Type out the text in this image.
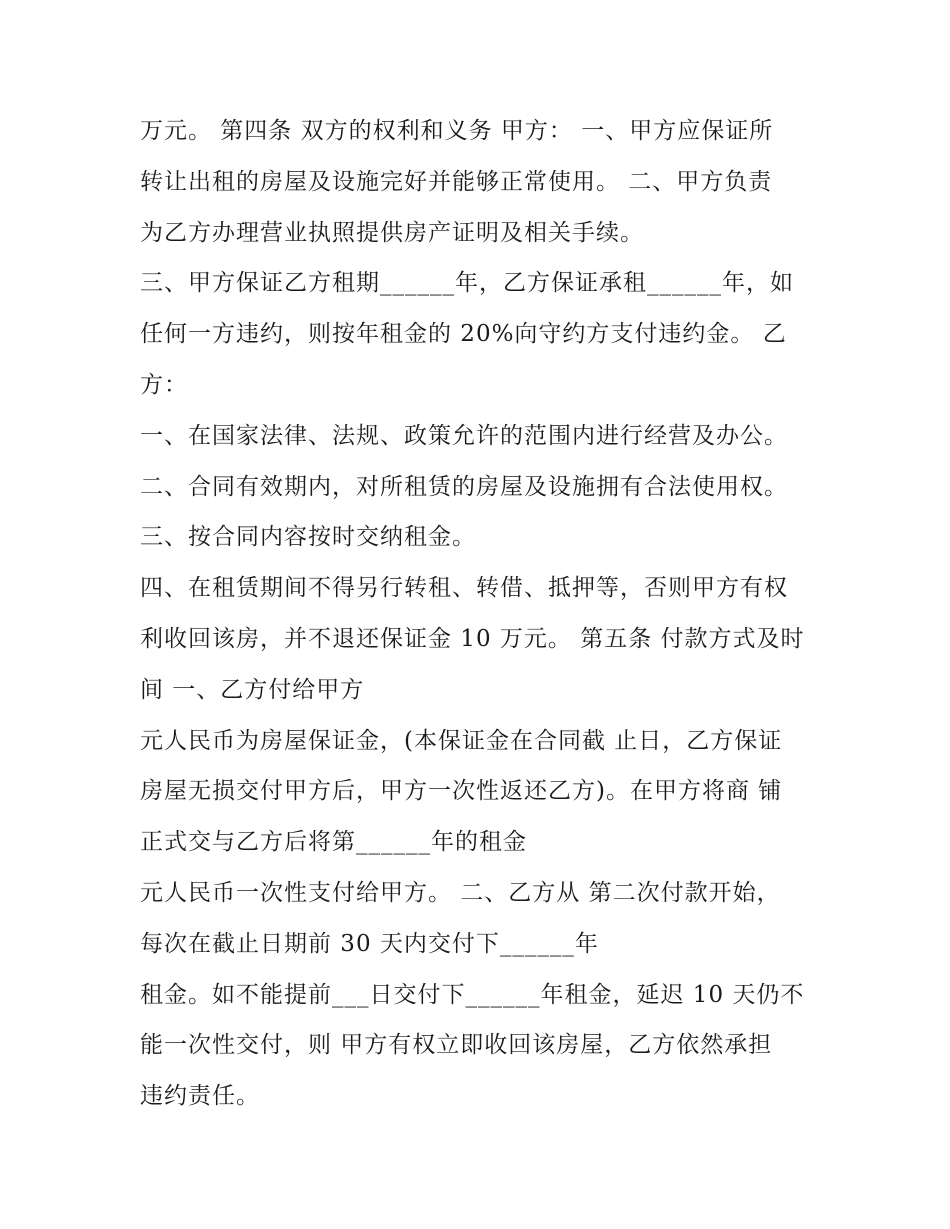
万元。 第四条 双方的权利和义务 甲方： 一、甲方应保证所
转让出租的房屋及设施完好并能够正常使用。 二、甲方负责
为乙方办理营业执照提供房产证明及相关手续。
三、甲方保证乙方租期______年，乙方保证承租______年，如
任何一方违约，则按年租金的 20%向守约方支付违约金。 乙
方：
一、在国家法律、法规、政策允许的范围内进行经营及办公。
二、合同有效期内，对所租赁的房屋及设施拥有合法使用权。
三、按合同内容按时交纳租金。
四、在租赁期间不得另行转租、转借、抵押等，否则甲方有权
利收回该房，并不退还保证金 10 万元。 第五条 付款方式及时
间 一、乙方付给甲方
元人民币为房屋保证金，(本保证金在合同截 止日，乙方保证
房屋无损交付甲方后，甲方一次性返还乙方)。在甲方将商 铺
正式交与乙方后将第______年的租金
元人民币一次性支付给甲方。 二、乙方从 第二次付款开始，
每次在截止日期前 30 天内交付下______年
租金。如不能提前___日交付下______年租金，延迟 10 天仍不
能一次性交付，则 甲方有权立即收回该房屋，乙方依然承担
违约责任。
